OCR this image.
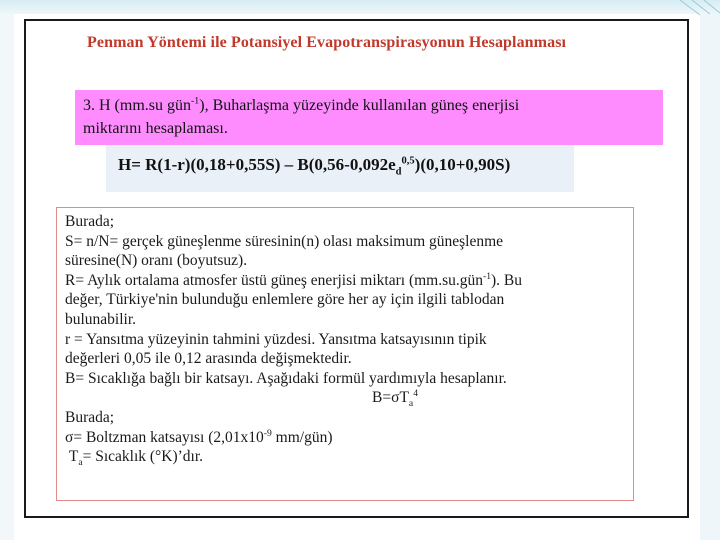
Penman Yöntemi ile Potansiyel Evapotranspirasyonun Hesaplanması
3. H (mm.su gün$^{-1}$), Buharlaşma yüzeyinde kullanılan güneş enerjisi
miktarını hesaplaması.
$H= R(1-r)(0,18+0,55S) - B(0,56-0,092e_d^{0,5})(0,10+0,90S)$
Burada;
S= n/N= gerçek güneşlenme süresinin(n) olası maksimum güneşlenme
süresine(N) oranı (boyutsuz).
R= Aylık ortalama atmosfer üstü güneş enerjisi miktarı (mm.su.gün$^{-1}$). Bu
değer, Türkiye'nin bulunduğu enlemlere göre her ay için ilgili tablodan
bulunabilir.
r = Yansıtma yüzeyinin tahmini yüzdesi. Yansıtma katsayısının tipik
değerleri 0,05 ile 0,12 arasında değişmektedir.
B= Sıcaklığa bağlı bir katsayı. Aşağıdaki formül yardımıyla hesaplanır.
$B=\sigma T_a^4$
Burada;
σ= Boltzman katsayısı ($2,01x10^{-9}$ mm/gün)
$T_a=$ Sıcaklık (°K)’dır.
